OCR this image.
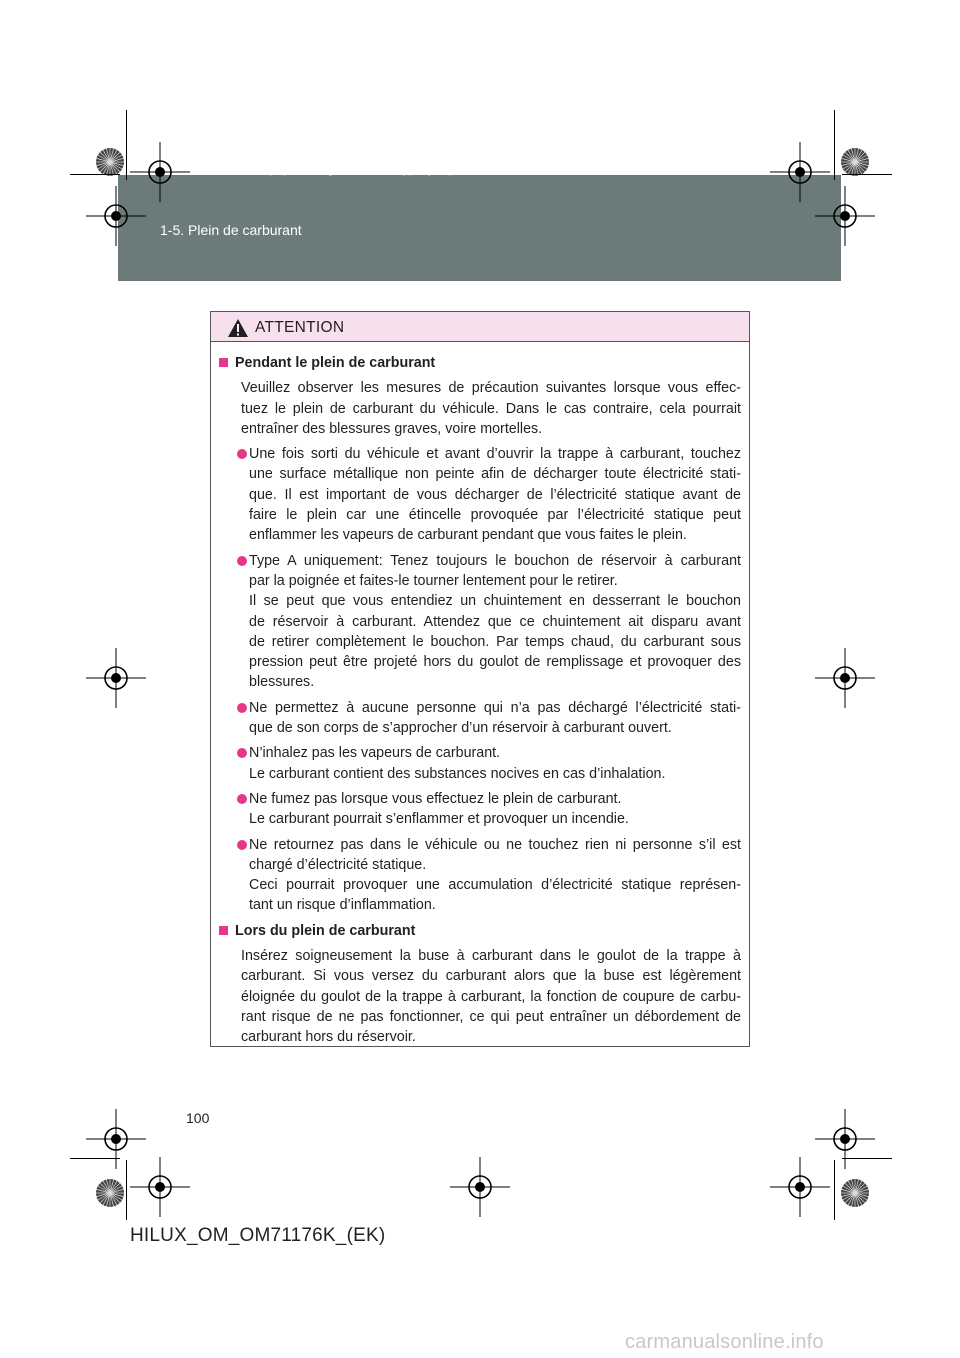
HILUX_OM_OM71176K_(EK).book Page 100 Wednesday, May 16, 2012 2:32 PM
1-5. Plein de carburant
ATTENTION
Pendant le plein de carburant
Veuillez observer les mesures de précaution suivantes lorsque vous effec-
tuez le plein de carburant du véhicule. Dans le cas contraire, cela pourrait
entraîner des blessures graves, voire mortelles.
Une fois sorti du véhicule et avant d’ouvrir la trappe à carburant, touchez
une surface métallique non peinte afin de décharger toute électricité stati-
que. Il est important de vous décharger de l’électricité statique avant de
faire le plein car une étincelle provoquée par l’électricité statique peut
enflammer les vapeurs de carburant pendant que vous faites le plein.
Type A uniquement: Tenez toujours le bouchon de réservoir à carburant
par la poignée et faites-le tourner lentement pour le retirer.
Il se peut que vous entendiez un chuintement en desserrant le bouchon
de réservoir à carburant. Attendez que ce chuintement ait disparu avant
de retirer complètement le bouchon. Par temps chaud, du carburant sous
pression peut être projeté hors du goulot de remplissage et provoquer des
blessures.
Ne permettez à aucune personne qui n’a pas déchargé l’électricité stati-
que de son corps de s’approcher d’un réservoir à carburant ouvert.
N’inhalez pas les vapeurs de carburant.
Le carburant contient des substances nocives en cas d’inhalation.
Ne fumez pas lorsque vous effectuez le plein de carburant.
Le carburant pourrait s’enflammer et provoquer un incendie.
Ne retournez pas dans le véhicule ou ne touchez rien ni personne s’il est
chargé d’électricité statique.
Ceci pourrait provoquer une accumulation d’électricité statique représen-
tant un risque d’inflammation.
Lors du plein de carburant
Insérez soigneusement la buse à carburant dans le goulot de la trappe à
carburant. Si vous versez du carburant alors que la buse est légèrement
éloignée du goulot de la trappe à carburant, la fonction de coupure de carbu-
rant risque de ne pas fonctionner, ce qui peut entraîner un débordement de
carburant hors du réservoir.
100
HILUX_OM_OM71176K_(EK)
carmanualsonline.info
